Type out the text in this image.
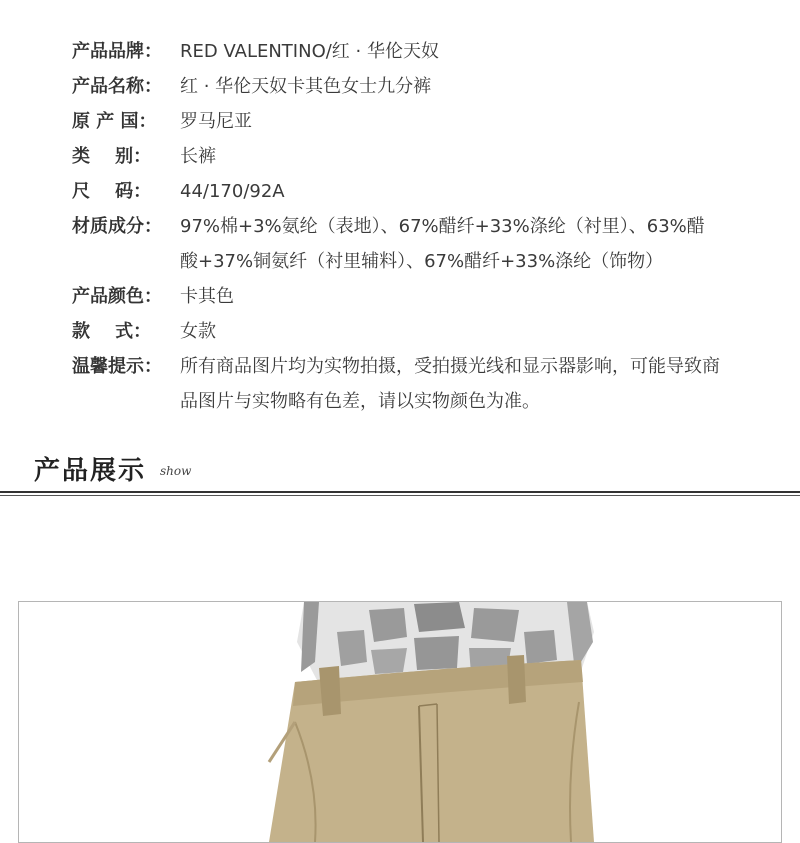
产品品牌：	RED VALENTINO/红 · 华伦天奴
产品名称：	红 · 华伦天奴卡其色女士九分裤
原 产 国：	罗马尼亚
类    别：	长裤
尺    码：	44/170/92A
材质成分：	97%棉+3%氨纶（表地）、67%醋纤+33%涤纶（衬里）、63%醋
酸+37%铜氨纤（衬里辅料）、67%醋纤+33%涤纶（饰物）
产品颜色：	卡其色
款    式：	女款
温馨提示：	所有商品图片均为实物拍摄，受拍摄光线和显示器影响，可能导致商
品图片与实物略有色差，请以实物颜色为准。
产品展示 show
